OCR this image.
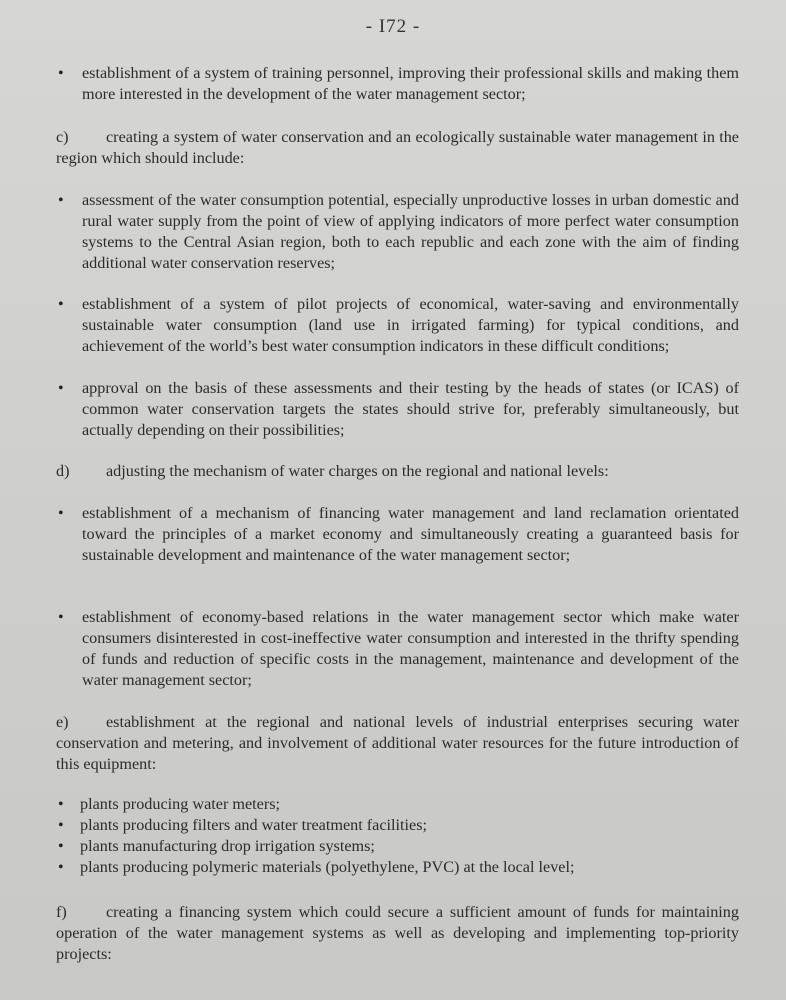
- I72 -
• establishment of a system of training personnel, improving their professional skills and making them more interested in the development of the water management sector;
c) creating a system of water conservation and an ecologically sustainable water management in the region which should include:
• assessment of the water consumption potential, especially unproductive losses in urban domestic and rural water supply from the point of view of applying indicators of more perfect water consumption systems to the Central Asian region, both to each republic and each zone with the aim of finding additional water conservation reserves;
• establishment of a system of pilot projects of economical, water-saving and environmentally sustainable water consumption (land use in irrigated farming) for typical conditions, and achievement of the world’s best water consumption indicators in these difficult conditions;
• approval on the basis of these assessments and their testing by the heads of states (or ICAS) of common water conservation targets the states should strive for, preferably simultaneously, but actually depending on their possibilities;
d) adjusting the mechanism of water charges on the regional and national levels:
• establishment of a mechanism of financing water management and land reclamation orientated toward the principles of a market economy and simultaneously creating a guaranteed basis for sustainable development and maintenance of the water management sector;
• establishment of economy-based relations in the water management sector which make water consumers disinterested in cost-ineffective water consumption and interested in the thrifty spending of funds and reduction of specific costs in the management, maintenance and development of the water management sector;
e) establishment at the regional and national levels of industrial enterprises securing water conservation and metering, and involvement of additional water resources for the future introduction of this equipment:
• plants producing water meters;
• plants producing filters and water treatment facilities;
• plants manufacturing drop irrigation systems;
• plants producing polymeric materials (polyethylene, PVC) at the local level;
f) creating a financing system which could secure a sufficient amount of funds for maintaining operation of the water management systems as well as developing and implementing top-priority projects:
